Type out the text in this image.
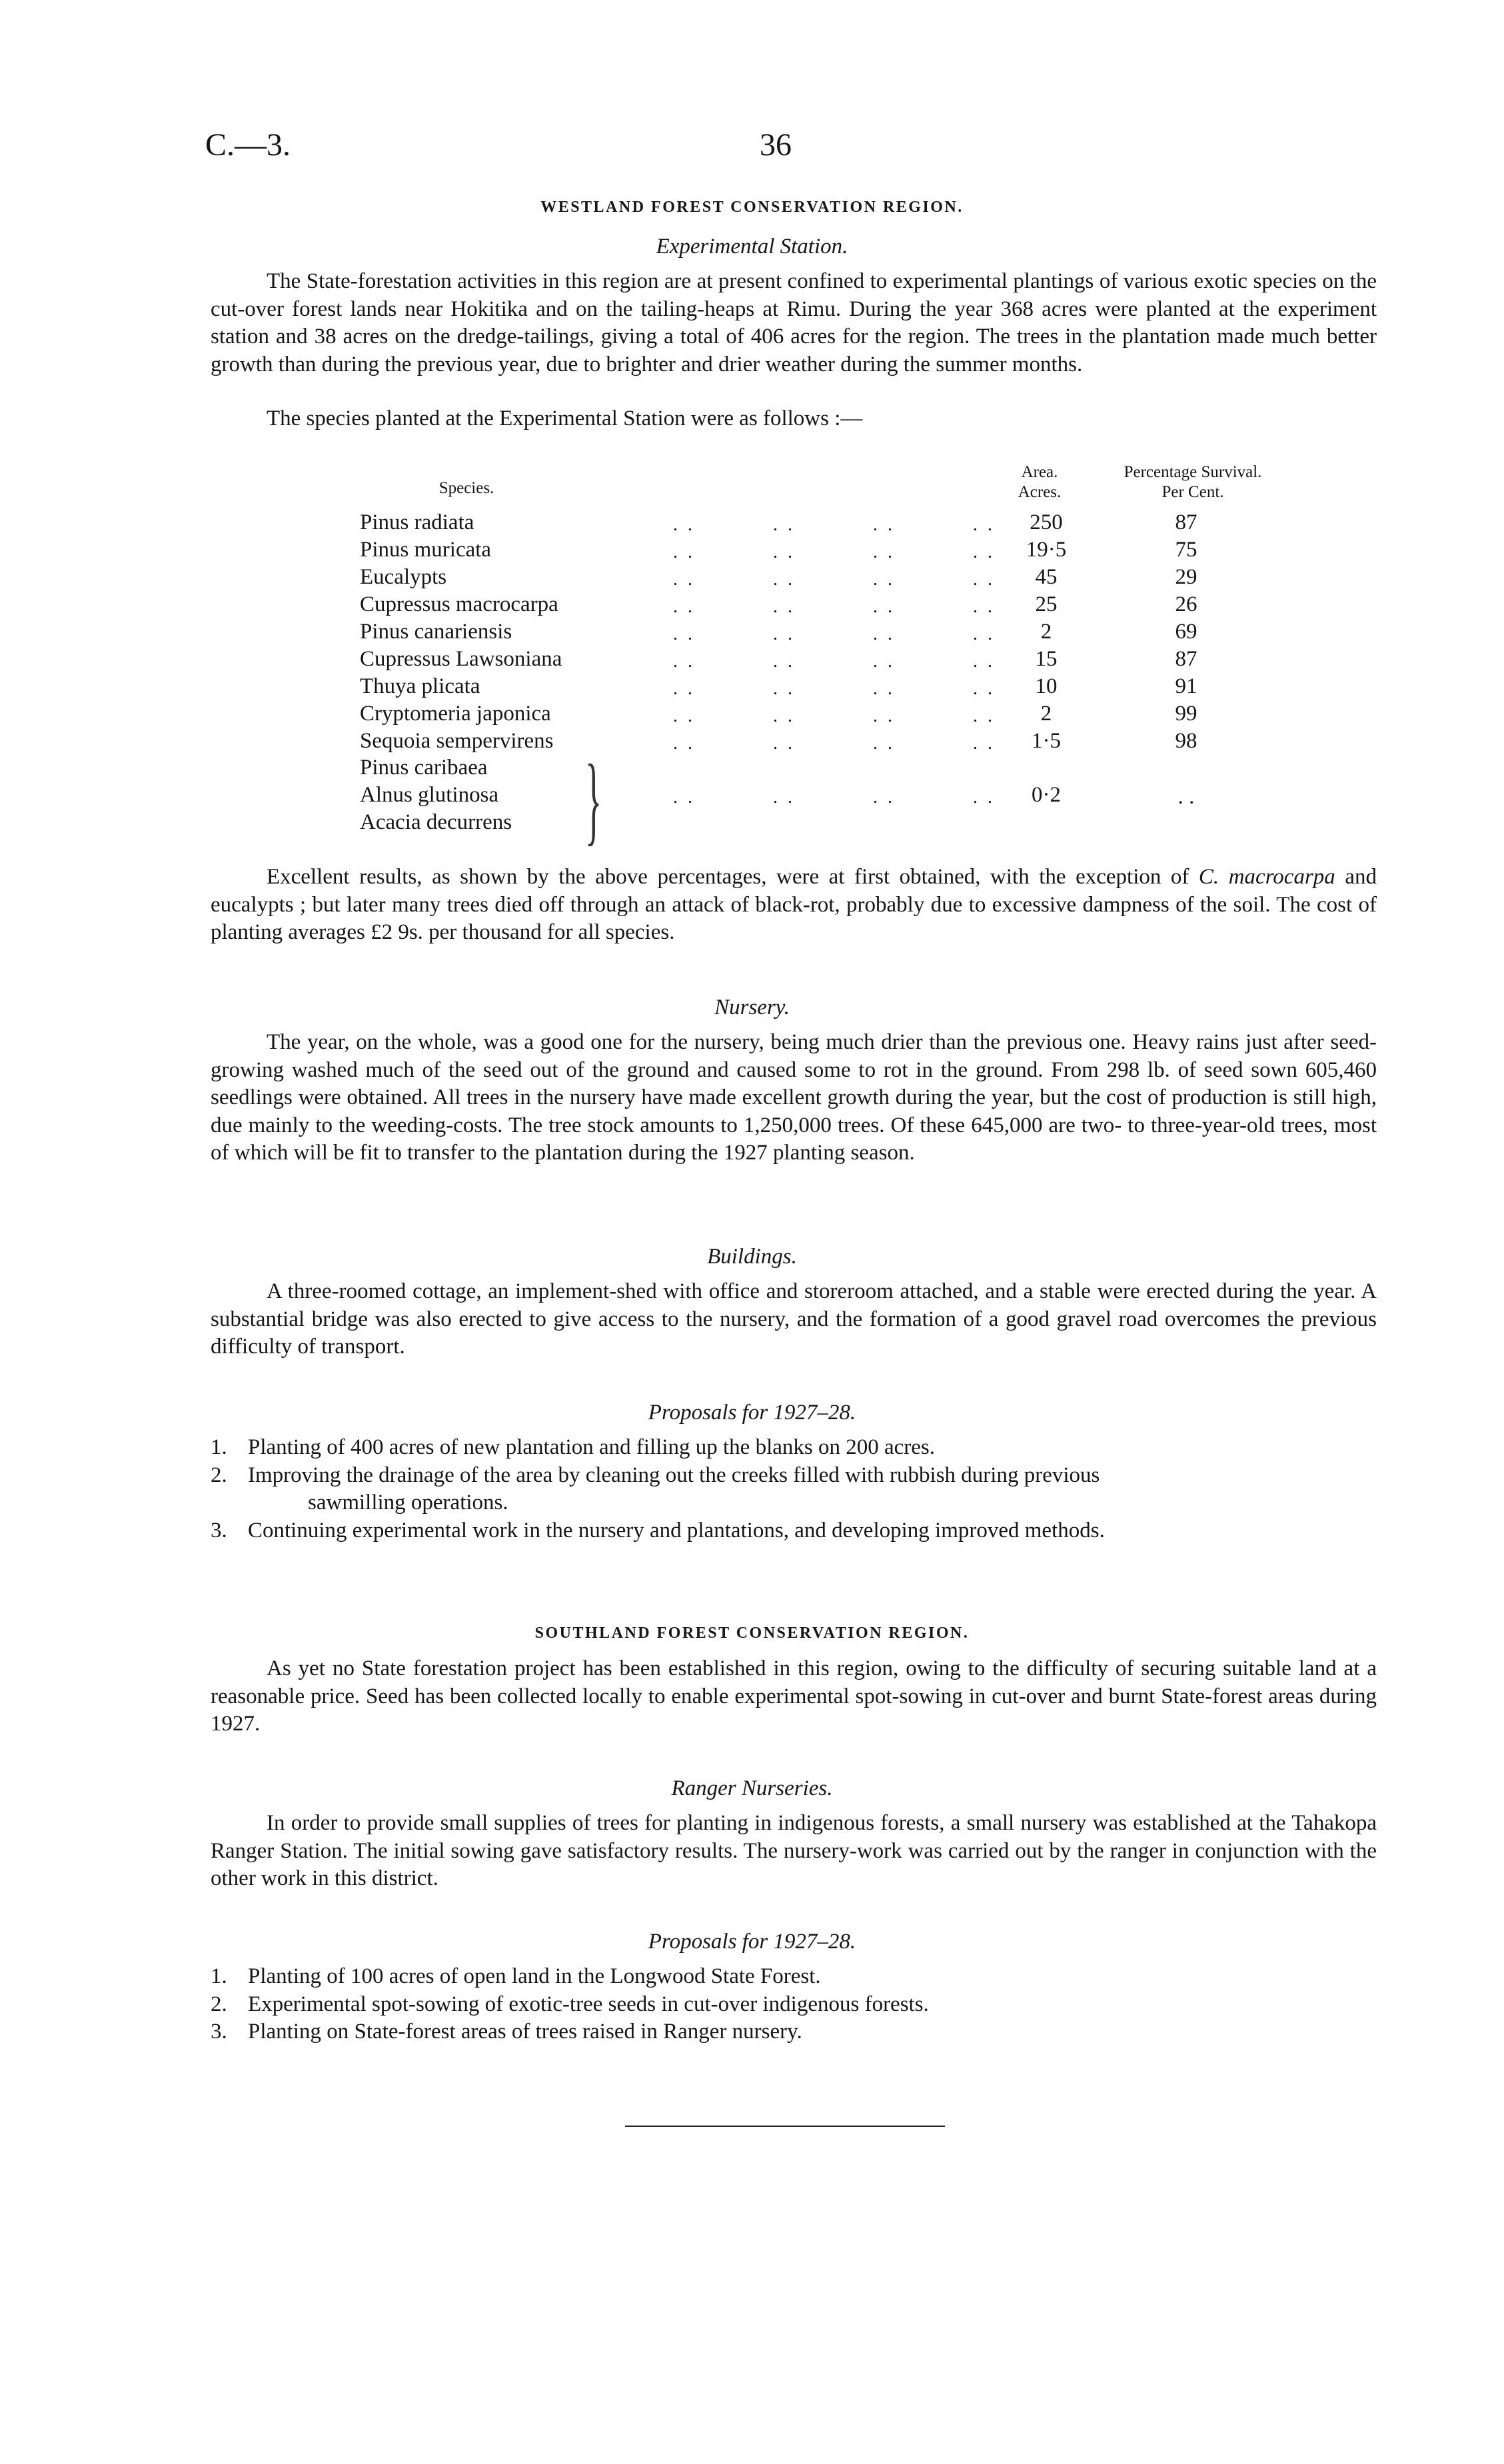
C.—3.	36
WESTLAND FOREST CONSERVATION REGION.
Experimental Station.
The State-forestation activities in this region are at present confined to experimental plantings of various exotic species on the cut-over forest lands near Hokitika and on the tailing-heaps at Rimu. During the year 368 acres were planted at the experiment station and 38 acres on the dredge-tailings, giving a total of 406 acres for the region. The trees in the plantation made much better growth than during the previous year, due to brighter and drier weather during the summer months.
The species planted at the Experimental Station were as follows :—
Species.
Area.
Acres.
Percentage Survival.
Per Cent.
Pinus radiata	. .	. .	. .	. .	250	87
Pinus muricata	. .	. .	. .	. .	19·5	75
Eucalypts	. .	. .	. .	. .	45	29
Cupressus macrocarpa	. .	. .	. .	. .	25	26
Pinus canariensis	. .	. .	. .	. .	2	69
Cupressus Lawsoniana	. .	. .	. .	. .	15	87
Thuya plicata	. .	. .	. .	. .	10	91
Cryptomeria japonica	. .	. .	. .	. .	2	99
Sequoia sempervirens	. .	. .	. .	. .	1·5	98
Pinus caribaea
Alnus glutinosa
Acacia decurrens }	. .	. .	. .	. .	0·2	. .
Excellent results, as shown by the above percentages, were at first obtained, with the exception of C. macrocarpa and eucalypts ; but later many trees died off through an attack of black-rot, probably due to excessive dampness of the soil. The cost of planting averages £2 9s. per thousand for all species.
Nursery.
The year, on the whole, was a good one for the nursery, being much drier than the previous one. Heavy rains just after seed-growing washed much of the seed out of the ground and caused some to rot in the ground. From 298 lb. of seed sown 605,460 seedlings were obtained. All trees in the nursery have made excellent growth during the year, but the cost of production is still high, due mainly to the weeding-costs. The tree stock amounts to 1,250,000 trees. Of these 645,000 are two- to three-year-old trees, most of which will be fit to transfer to the plantation during the 1927 planting season.
Buildings.
A three-roomed cottage, an implement-shed with office and storeroom attached, and a stable were erected during the year. A substantial bridge was also erected to give access to the nursery, and the formation of a good gravel road overcomes the previous difficulty of transport.
Proposals for 1927–28.
1. Planting of 400 acres of new plantation and filling up the blanks on 200 acres.
2. Improving the drainage of the area by cleaning out the creeks filled with rubbish during previous
sawmilling operations.
3. Continuing experimental work in the nursery and plantations, and developing improved methods.
SOUTHLAND FOREST CONSERVATION REGION.
As yet no State forestation project has been established in this region, owing to the difficulty of securing suitable land at a reasonable price. Seed has been collected locally to enable experimental spot-sowing in cut-over and burnt State-forest areas during 1927.
Ranger Nurseries.
In order to provide small supplies of trees for planting in indigenous forests, a small nursery was established at the Tahakopa Ranger Station. The initial sowing gave satisfactory results. The nursery-work was carried out by the ranger in conjunction with the other work in this district.
Proposals for 1927–28.
1. Planting of 100 acres of open land in the Longwood State Forest.
2. Experimental spot-sowing of exotic-tree seeds in cut-over indigenous forests.
3. Planting on State-forest areas of trees raised in Ranger nursery.
